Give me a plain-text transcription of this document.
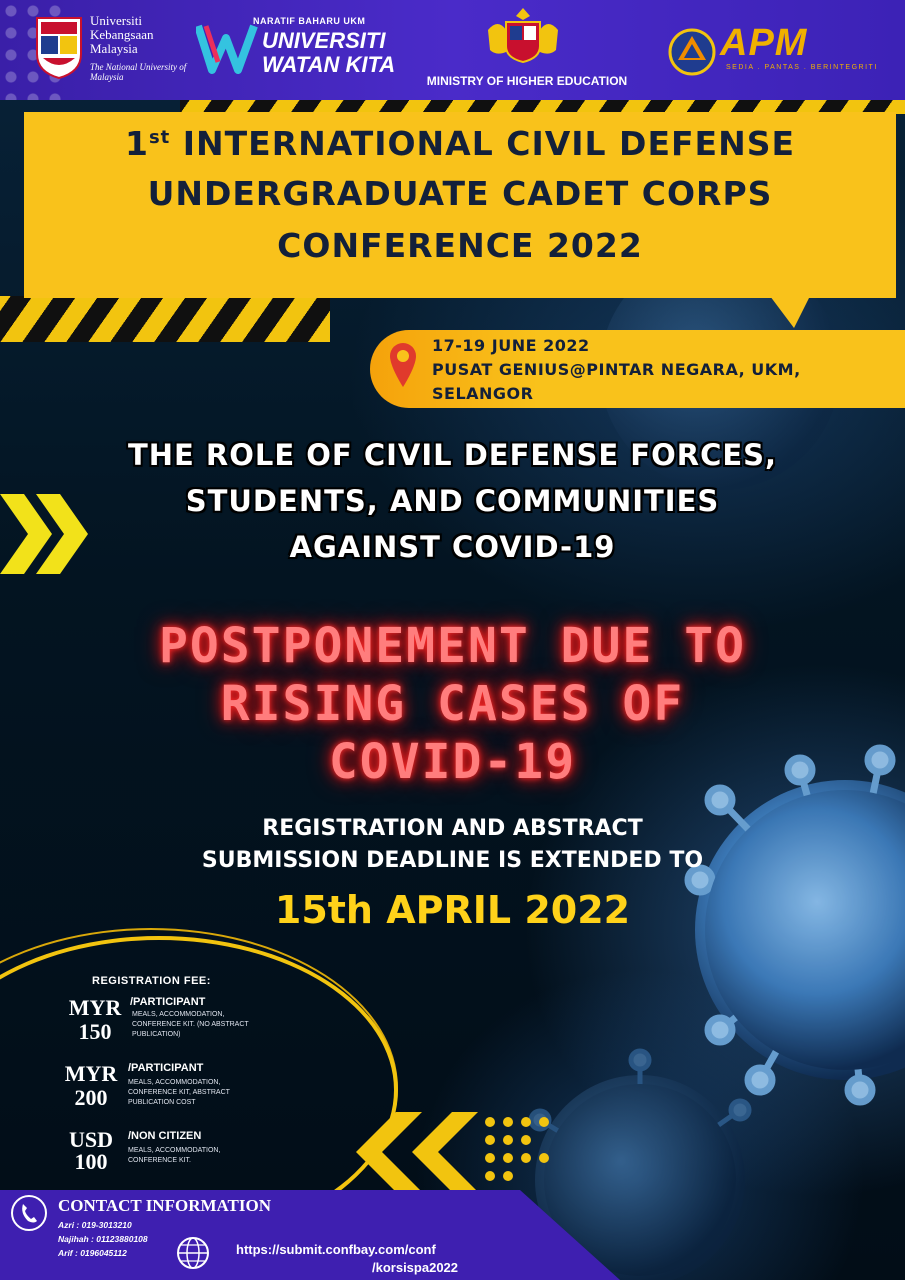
Universiti Kebangsaan Malaysia
The National University of Malaysia
NARATIF BAHARU UKM
UNIVERSITI
WATAN KITA
MINISTRY OF HIGHER EDUCATION
APM
SEDIA . PANTAS . BERINTEGRITI
1st INTERNATIONAL CIVIL DEFENSE
UNDERGRADUATE CADET CORPS
CONFERENCE 2022
17-19 JUNE 2022
PUSAT GENIUS@PINTAR NEGARA, UKM,
SELANGOR
THE ROLE OF CIVIL DEFENSE FORCES,
STUDENTS, AND COMMUNITIES
AGAINST COVID-19
POSTPONEMENT DUE TO
RISING CASES OF
COVID-19
REGISTRATION AND ABSTRACT
SUBMISSION DEADLINE IS EXTENDED TO
15th APRIL 2022
REGISTRATION FEE:
MYR
150
/PARTICIPANT
MEALS, ACCOMMODATION, CONFERENCE KIT. (NO ABSTRACT PUBLICATION)
MYR
200
/PARTICIPANT
MEALS, ACCOMMODATION, CONFERENCE KIT, ABSTRACT PUBLICATION COST
USD
100
/NON CITIZEN
MEALS, ACCOMMODATION, CONFERENCE KIT.
CONTACT INFORMATION
Azri : 019-3013210
Najihah : 01123880108
Arif : 0196045112	https://submit.confbay.com/conf
/korsispa2022
